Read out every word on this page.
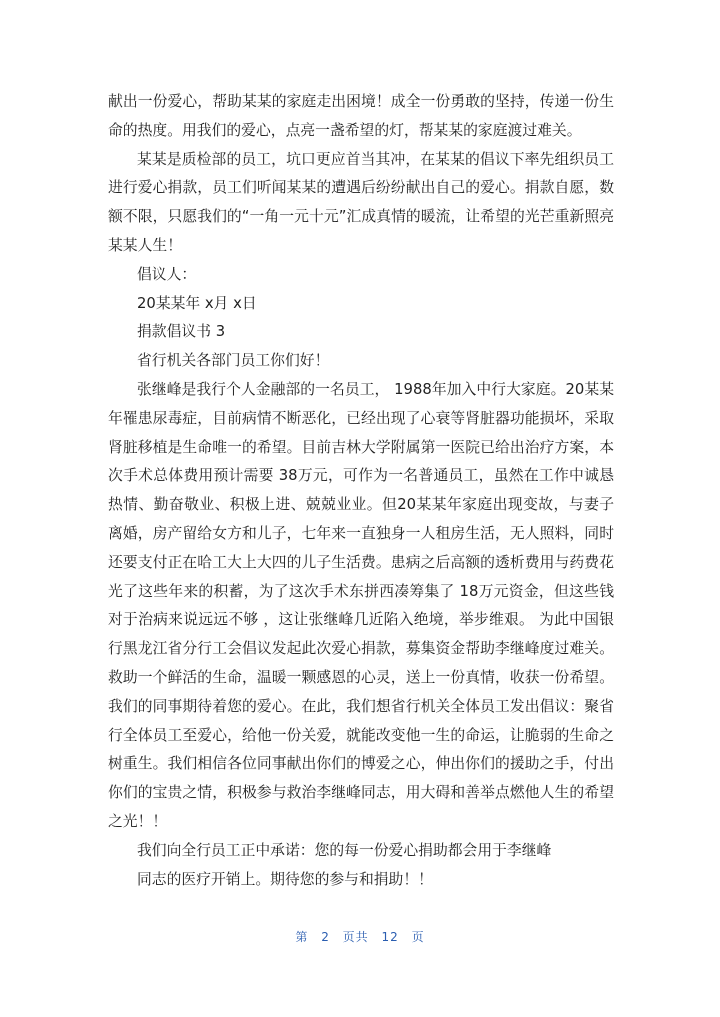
献出一份爱心，帮助某某的家庭走出困境！成全一份勇敢的坚持，传递一份生命的热度。用我们的爱心，点亮一盏希望的灯，帮某某的家庭渡过难关。

某某是质检部的员工，坑口更应首当其冲，在某某的倡议下率先组织员工进行爱心捐款，员工们听闻某某的遭遇后纷纷献出自己的爱心。捐款自愿，数额不限，只愿我们的“一角一元十元”汇成真情的暖流，让希望的光芒重新照亮某某人生！

倡议人：

20某某年 x月 x日

捐款倡议书 3

省行机关各部门员工你们好！

张继峰是我行个人金融部的一名员工， 1988年加入中行大家庭。20某某年罹患尿毒症，目前病情不断恶化，已经出现了心衰等肾脏器功能损坏，采取肾脏移植是生命唯一的希望。目前吉林大学附属第一医院已给出治疗方案，本次手术总体费用预计需要 38万元，可作为一名普通员工，虽然在工作中诚恳热情、勤奋敬业、积极上进、兢兢业业。但20某某年家庭出现变故，与妻子离婚，房产留给女方和儿子，七年来一直独身一人租房生活，无人照料，同时还要支付正在哈工大上大四的儿子生活费。患病之后高额的透析费用与药费花光了这些年来的积蓄，为了这次手术东拼西凑筹集了 18万元资金，但这些钱对于治病来说远远不够 ，这让张继峰几近陷入绝境，举步维艰。 为此中国银行黑龙江省分行工会倡议发起此次爱心捐款，募集资金帮助李继峰度过难关。救助一个鲜活的生命，温暖一颗感恩的心灵，送上一份真情，收获一份希望。我们的同事期待着您的爱心。在此，我们想省行机关全体员工发出倡议：聚省行全体员工至爱心，给他一份关爱，就能改变他一生的命运，让脆弱的生命之树重生。我们相信各位同事献出你们的博爱之心，伸出你们的援助之手，付出你们的宝贵之情，积极参与救治李继峰同志，用大碍和善举点燃他人生的希望之光！！

我们向全行员工正中承诺：您的每一份爱心捐助都会用于李继峰

同志的医疗开销上。期待您的参与和捐助！！

第 2 页共 12 页
